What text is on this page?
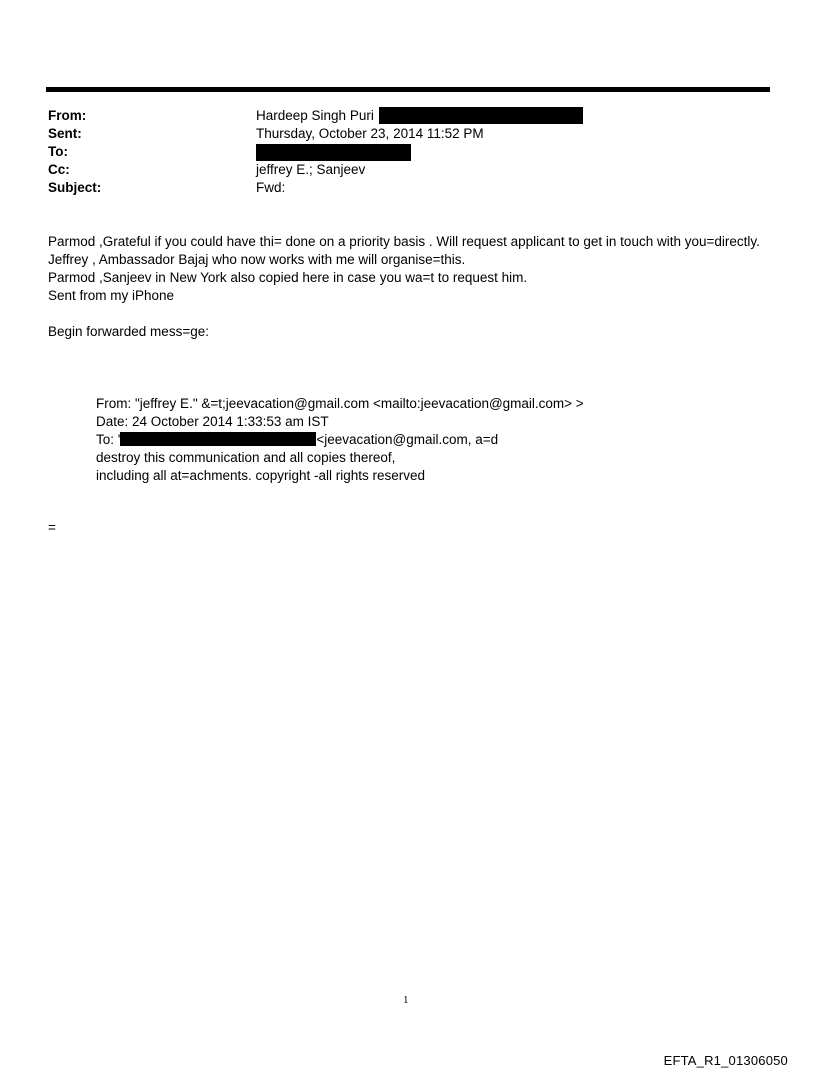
From:	Hardeep Singh Puri
Sent:	Thursday, October 23, 2014 11:52 PM
To:
Cc:	jeffrey E.; Sanjeev
Subject:	Fwd:

Parmod ,Grateful if you could have thi= done on a priority basis . Will request applicant to get in touch with you=directly.

Jeffrey , Ambassador Bajaj who now works with me will organise=this.

Parmod ,Sanjeev in New York also copied here in case you wa=t to request him.

Sent from my iPhone

Begin forwarded mess=ge:

From: "jeffrey E." &=t;jeevacation@gmail.com <mailto:jeevacation@gmail.com> >

Date: 24 October 2014 1:33:53 am IST

To: '	<jeevacation@gmail.com, a=d

destroy this communication and all copies thereof,

including all at=achments. copyright -all rights reserved

=
1
EFTA_R1_01306050
